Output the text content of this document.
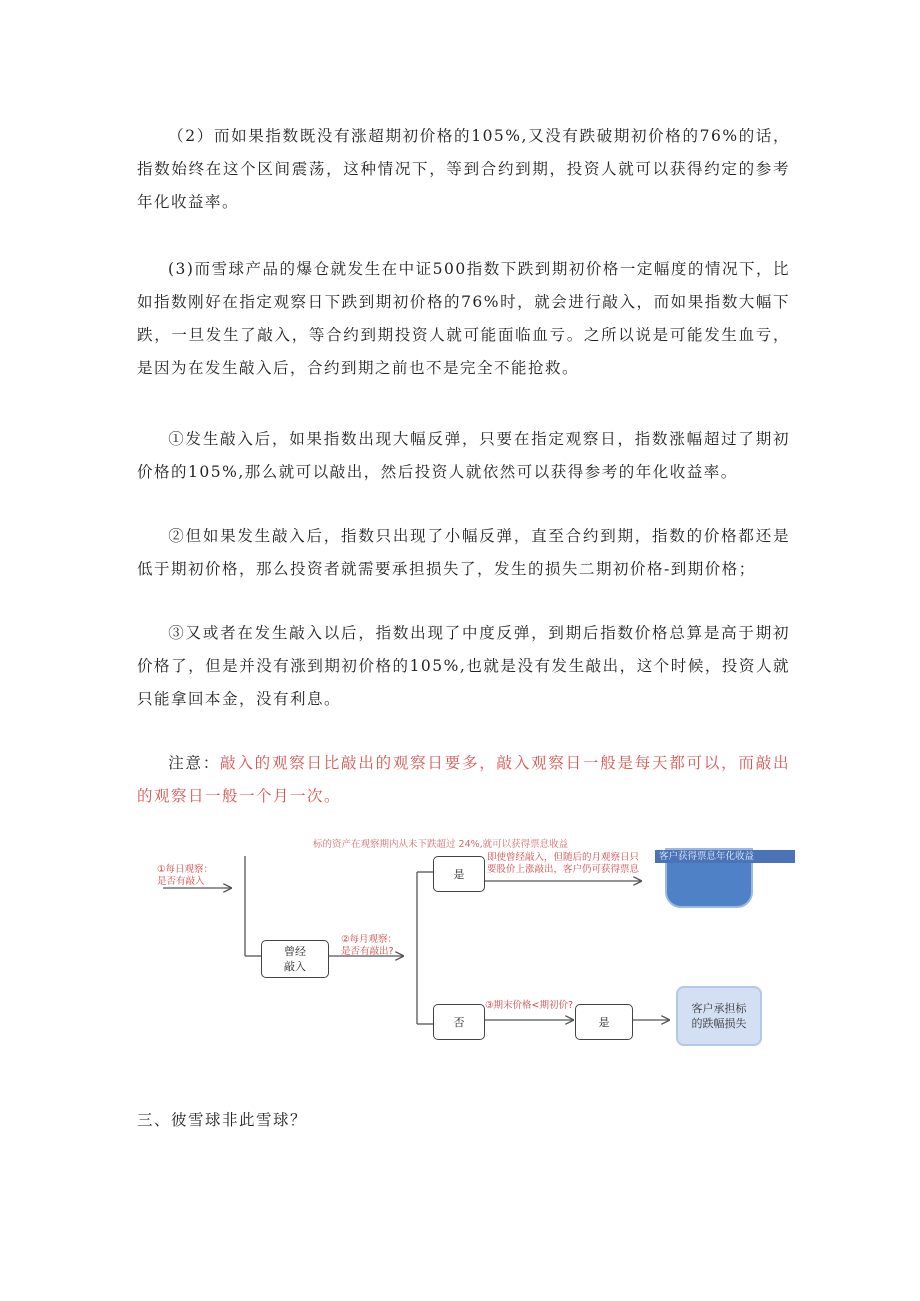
（2）而如果指数既没有涨超期初价格的105%,又没有跌破期初价格的76%的话，指数始终在这个区间震荡，这种情况下，等到合约到期，投资人就可以获得约定的参考年化收益率。

(3)而雪球产品的爆仓就发生在中证500指数下跌到期初价格一定幅度的情况下，比如指数刚好在指定观察日下跌到期初价格的76%时，就会进行敲入，而如果指数大幅下跌，一旦发生了敲入，等合约到期投资人就可能面临血亏。之所以说是可能发生血亏，是因为在发生敲入后，合约到期之前也不是完全不能抢救。

①发生敲入后，如果指数出现大幅反弹，只要在指定观察日，指数涨幅超过了期初价格的105%,那么就可以敲出，然后投资人就依然可以获得参考的年化收益率。

②但如果发生敲入后，指数只出现了小幅反弹，直至合约到期，指数的价格都还是低于期初价格，那么投资者就需要承担损失了，发生的损失二期初价格-到期价格；

③又或者在发生敲入以后，指数出现了中度反弹，到期后指数价格总算是高于期初价格了，但是并没有涨到期初价格的105%,也就是没有发生敲出，这个时候，投资人就只能拿回本金，没有利息。

注意：敲入的观察日比敲出的观察日要多，敲入观察日一般是每天都可以，而敲出的观察日一般一个月一次。

标的资产在观察期内从未下跌超过 24%,就可以获得票息收益
①每日观察：
是否有敲入
曾经
敲入
②每月观察：
是否有敲出?
是
即使曾经敲入，但随后的月观察日只
要股价上涨敲出，客户仍可获得票息
客户获得票息年化收益
否
③期末价格<期初价?
是
客户承担标
的跌幅损失

三、彼雪球非此雪球？
